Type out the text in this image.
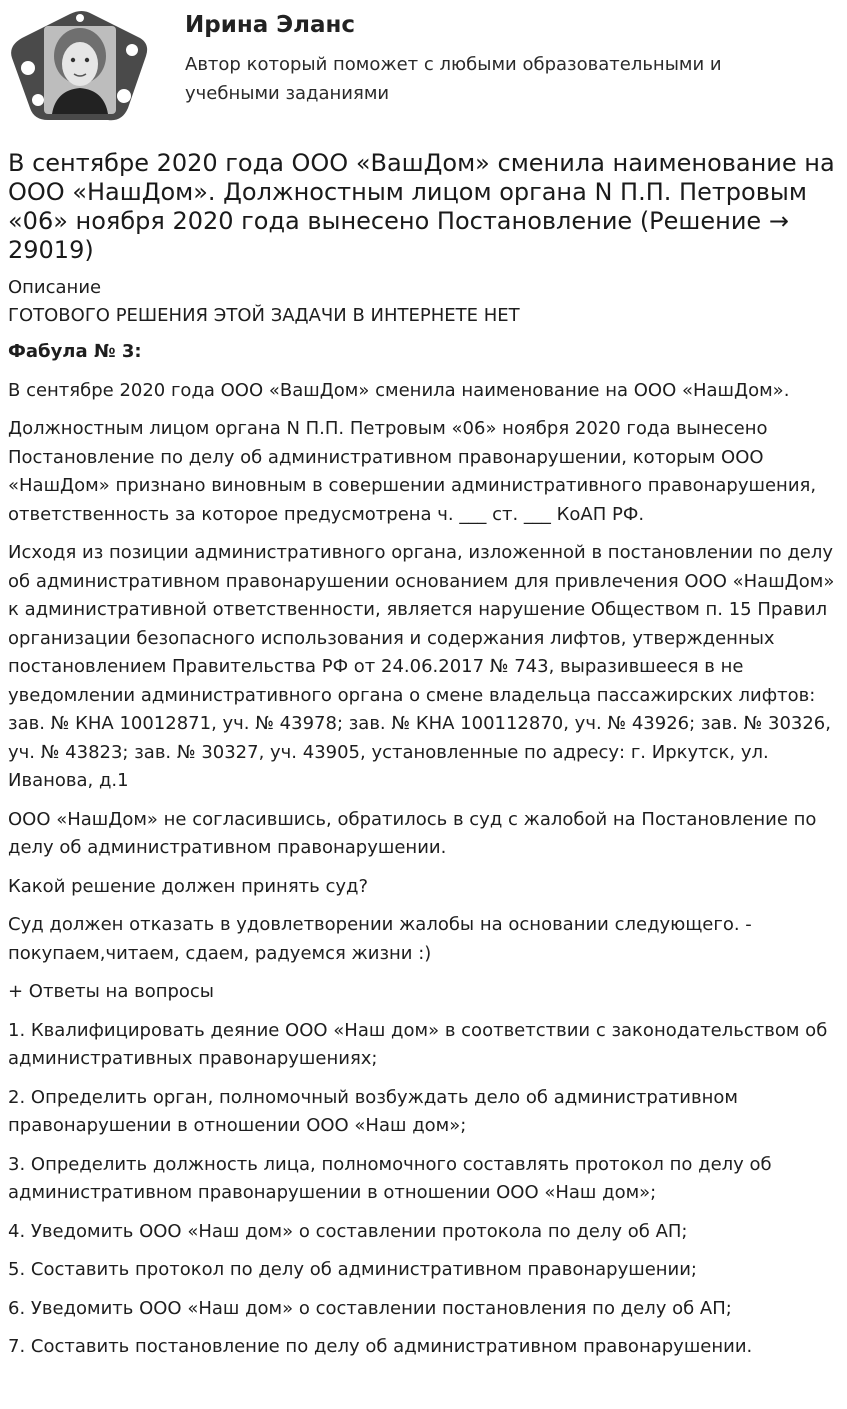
Ирина Эланс
Автор который поможет с любыми образовательными и учебными заданиями
В сентябре 2020 года ООО «ВашДом» сменила наименование на ООО «НашДом». Должностным лицом органа N П.П. Петровым «06» ноября 2020 года вынесено Постановление (Решение → 29019)
Описание
ГОТОВОГО РЕШЕНИЯ ЭТОЙ ЗАДАЧИ В ИНТЕРНЕТЕ НЕТ

Фабула № 3:

В сентябре 2020 года ООО «ВашДом» сменила наименование на ООО «НашДом».

Должностным лицом органа N П.П. Петровым «06» ноября 2020 года вынесено Постановление по делу об административном правонарушении, которым ООО «НашДом» признано виновным в совершении административного правонарушения, ответственность за которое предусмотрена ч. ___ ст. ___ КоАП РФ.

Исходя из позиции административного органа, изложенной в постановлении по делу об административном правонарушении основанием для привлечения ООО «НашДом» к административной ответственности, является нарушение Обществом п. 15 Правил организации безопасного использования и содержания лифтов, утвержденных постановлением Правительства РФ от 24.06.2017 № 743, выразившееся в не уведомлении административного органа о смене владельца пассажирских лифтов: зав. № КНА 10012871, уч. № 43978; зав. № КНА 100112870, уч. № 43926; зав. № 30326, уч. № 43823; зав. № 30327, уч. 43905, установленные по адресу: г. Иркутск, ул. Иванова, д.1

ООО «НашДом» не согласившись, обратилось в суд с жалобой на Постановление по делу об административном правонарушении.

Какой решение должен принять суд?

Суд должен отказать в удовлетворении жалобы на основании следующего. - покупаем,читаем, сдаем, радуемся жизни :)

+ Ответы на вопросы

1. Квалифицировать деяние ООО «Наш дом» в соответствии с законодательством об административных правонарушениях;

2. Определить орган, полномочный возбуждать дело об административном правонарушении в отношении ООО «Наш дом»;

3. Определить должность лица, полномочного составлять протокол по делу об административном правонарушении в отношении ООО «Наш дом»;

4. Уведомить ООО «Наш дом» о составлении протокола по делу об АП;

5. Составить протокол по делу об административном правонарушении;

6. Уведомить ООО «Наш дом» о составлении постановления по делу об АП;

7. Составить постановление по делу об административном правонарушении.
